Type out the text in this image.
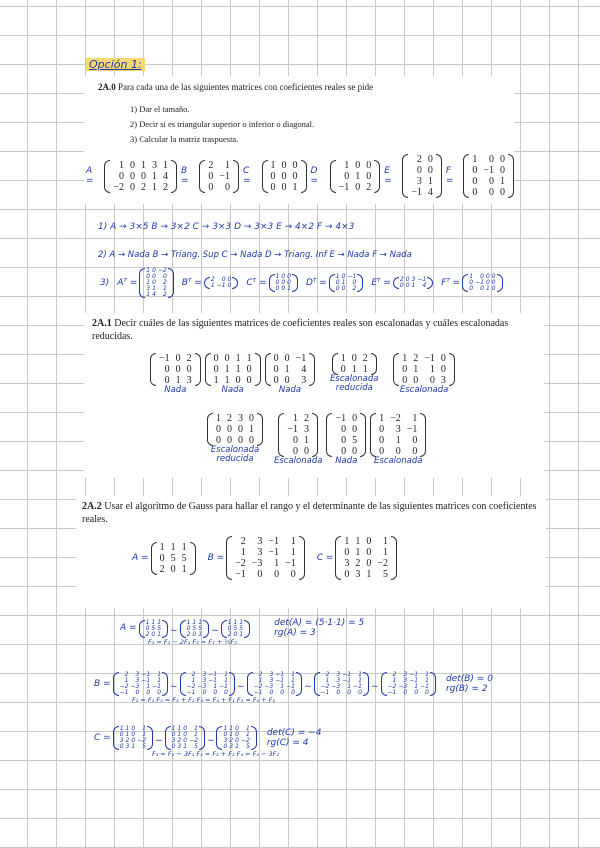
Opción 1:
2A.0 Para cada una de las siguientes matrices con coeficientes reales se pide
1) Dar el tamaño.
2) Decir si es triangular superior o inferior o diagonal.
3) Calcular la matriz traspuesta.
A =
1	0	1	3	1
0	0	0	1	4
−2	0	2	1	2
B =
2	1
0	−1
0	0
C =
1	0	0
0	0	0
0	0	1
D =
1	0	0
0	1	0
−1	0	2
E =
2	0
0	0
3	1
−1	4
F =
1	0	0
0	−1	0
0	0	1
0	0	0
1) A → 3×5 B → 3×2 C → 3×3 D → 3×3 E → 4×2 F → 4×3
2) A → Nada B → Triang. Sup C → Nada D → Triang. Inf E → Nada F → Nada
3) Aᵀ =
1	0	−2
0	0	0
1	0	2
3	1	1
1	4	2
Bᵀ = 2	0	0
1	−1	0 Cᵀ =
1	0	0
0	0	0
0	0	1
Dᵀ =
1	0	−1
0	1	0
0	0	2
Eᵀ = 2	0	3	−1
0	0	1	4 Fᵀ =
1	0	0	0
0	−1	0	0
0	0	1	0
2A.1 Decir cuáles de las siguientes matrices de coeficientes reales son escalonadas y cuáles escalonadas reducidas.
−1	0	2
0	0	0
0	1	3
Nada
0	0	1	1
0	1	1	0
1	1	0	0
Nada
0	0	−1
0	1	4
0	0	3
Nada
1	0	2
0	1	1
Escalonada reducida
1	2	−1	0
0	1	1	0
0	0	0	3
Escalonada
1	2	3	0
0	0	0	1
0	0	0	0
Escalonada reducida
1	2
−1	3
0	1
0	0
Escalonada
−1	0
0	0
0	5
0	0
Nada
1	−2	1
0	3	−1
0	1	0
0	0	0
Escalonada
2A.2 Usar el algoritmo de Gauss para hallar el rango y el determinante de las siguientes matrices con coeficientes reales.
A =
1	1	1
0	5	5
2	0	1
B =
2	3	−1	1
1	3	−1	1
−2	−3	1	−1
−1	0	0	0
C =
1	1	0	1
0	1	0	1
3	2	0	−2
0	3	1	5
A =
1	1	1
0	5	5
2	0	1 ~
1	1	1
0	5	5
2	0	1 ~
1	1	1
0	5	5
2	0	1
det(A) = (5·1·1) = 5
rg(A) = 3
F₃ = F₃ − 2F₁ F₃ = F₃ + ⅖F₂
B =
2	3	−1	1
1	3	−1	1
−2	−3	1	−1
−1	0	0	0
~
2	3	−1	1
1	3	−1	1
−2	−3	1	−1
−1	0	0	0
~
2	3	−1	1
1	3	−1	1
−2	−3	1	−1
−1	0	0	0
~
2	3	−1	1
1	3	−1	1
−2	−3	1	−1
−1	0	0	0
~
2	3	−1	1
1	3	−1	1
−2	−3	1	−1
−1	0	0	0
det(B) = 0
rg(B) = 2
F₂ = F₁ F₃ = F₃ + F₂ F₄ = F₄ + F₁ F₃ = F₃ + F₂
C =
1	1	0	1
0	1	0	1
3	2	0	−2
0	3	1	5
~
1	1	0	1
0	1	0	1
3	2	0	−2
0	3	1	5
~
1	1	0	1
0	1	0	1
3	2	0	−2
0	3	1	5
det(C) = −4
rg(C) = 4
F₃ = F₃ − 3F₁ F₃ = F₃ + F₂ F₄ = F₄ − 3F₂
